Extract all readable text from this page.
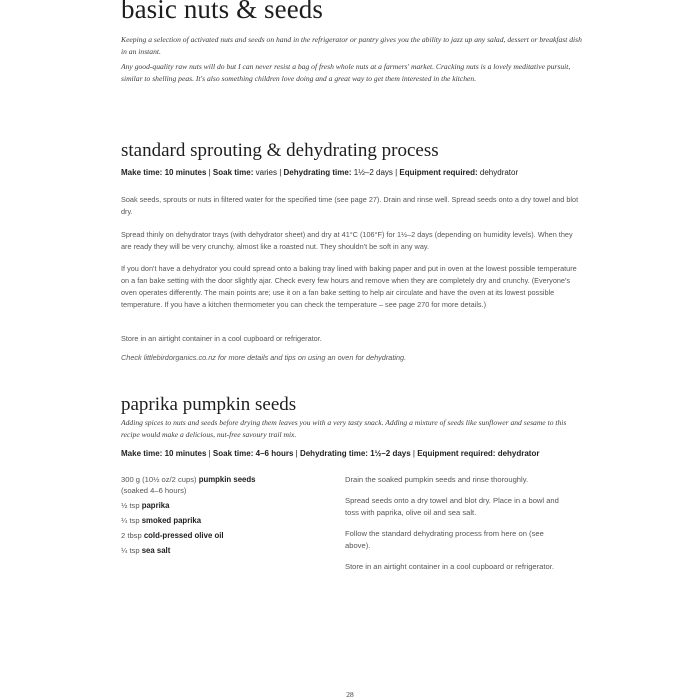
basic nuts & seeds

Keeping a selection of activated nuts and seeds on hand in the refrigerator or pantry gives you the ability to jazz up any salad, dessert or breakfast dish in an instant.

Any good-quality raw nuts will do but I can never resist a bag of fresh whole nuts at a farmers' market. Cracking nuts is a lovely meditative pursuit, similar to shelling peas. It's also something children love doing and a great way to get them interested in the kitchen.

standard sprouting & dehydrating process

Make time: 10 minutes | Soak time: varies | Dehydrating time: 1½–2 days | Equipment required: dehydrator

Soak seeds, sprouts or nuts in filtered water for the specified time (see page 27). Drain and rinse well. Spread seeds onto a dry towel and blot dry.

Spread thinly on dehydrator trays (with dehydrator sheet) and dry at 41°C (106°F) for 1½–2 days (depending on humidity levels). When they are ready they will be very crunchy, almost like a roasted nut. They shouldn't be soft in any way.

If you don't have a dehydrator you could spread onto a baking tray lined with baking paper and put in oven at the lowest possible temperature on a fan bake setting with the door slightly ajar. Check every few hours and remove when they are completely dry and crunchy. (Everyone's oven operates differently. The main points are; use it on a fan bake setting to help air circulate and have the oven at its lowest possible temperature. If you have a kitchen thermometer you can check the temperature – see page 270 for more details.)

Store in an airtight container in a cool cupboard or refrigerator.

Check littlebirdorganics.co.nz for more details and tips on using an oven for dehydrating.

paprika pumpkin seeds

Adding spices to nuts and seeds before drying them leaves you with a very tasty snack. Adding a mixture of seeds like sunflower and sesame to this recipe would make a delicious, nut-free savoury trail mix.

Make time: 10 minutes | Soak time: 4–6 hours | Dehydrating time: 1½–2 days | Equipment required: dehydrator

300 g (10½ oz/2 cups) pumpkin seeds
(soaked 4–6 hours)

½ tsp paprika

¼ tsp smoked paprika

2 tbsp cold-pressed olive oil

¼ tsp sea salt

Drain the soaked pumpkin seeds and rinse thoroughly.

Spread seeds onto a dry towel and blot dry. Place in a bowl and toss with paprika, olive oil and sea salt.

Follow the standard dehydrating process from here on (see above).

Store in an airtight container in a cool cupboard or refrigerator.

28
